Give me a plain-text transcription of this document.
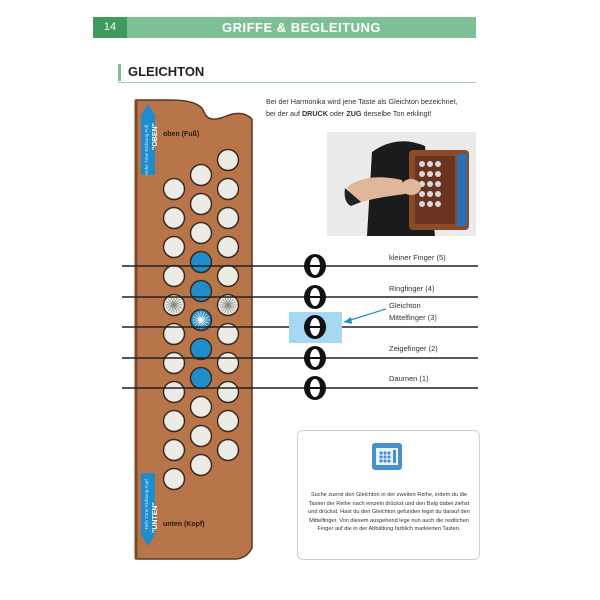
14	GRIFFE & BEGLEITUNG
GLEICHTON
Bei der Harmonika wird jene Taste als Gleichton bezeichnet,
bei der auf DRUCK oder ZUG derselbe Ton erklingt!
oben (Fuß)
unten (Kopf)
"OBEN"
Hohe Töne Richtung Fuß
"UNTEN"
Tiefe Töne Richtung Kopf
kleiner Finger (5)
Ringfinger (4)
Gleichton
Mittelfinger (3)
Zeigefinger (2)
Daumen (1)
Suche zuerst den Gleichton in der zweiten Reihe, indem du die Tasten der Reihe nach einzeln drückst und den Balg dabei ziehst und drückst. Hast du den Gleichton gefunden legst du darauf den Mittelfinger. Von diesem ausgehend lege nun auch die restlichen Finger auf die in der Abbildung farblich markierten Tasten.
